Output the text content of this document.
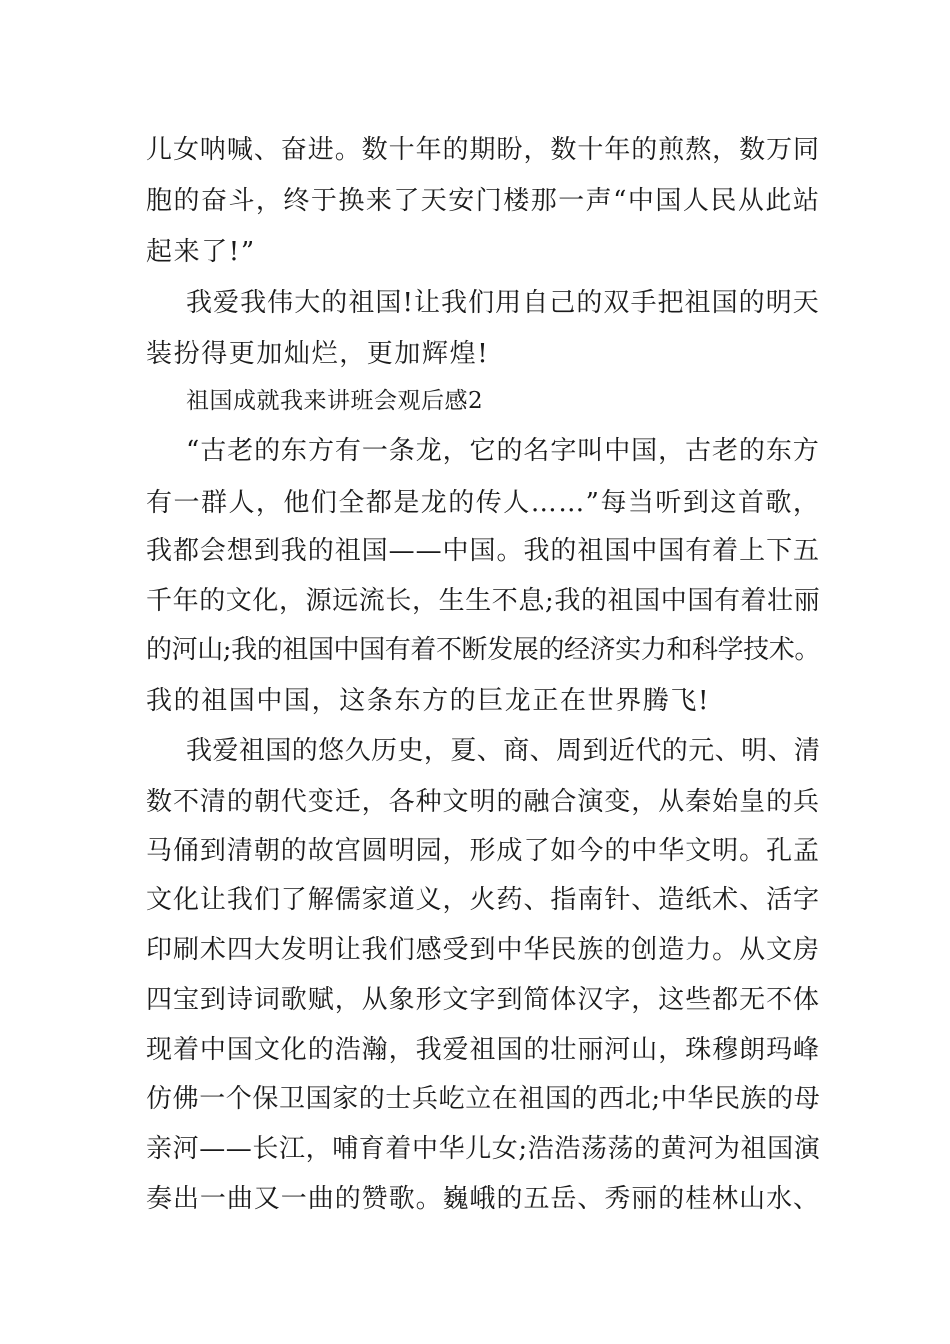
儿女呐喊、奋进。数十年的期盼，数十年的煎熬，数万同
胞的奋斗，终于换来了天安门楼那一声“中国人民从此站
起来了!”
我爱我伟大的祖国!让我们用自己的双手把祖国的明天
装扮得更加灿烂，更加辉煌!
祖国成就我来讲班会观后感2
“古老的东方有一条龙，它的名字叫中国，古老的东方
有一群人，他们全都是龙的传人……”每当听到这首歌，
我都会想到我的祖国——中国。我的祖国中国有着上下五
千年的文化，源远流长，生生不息;我的祖国中国有着壮丽
的河山;我的祖国中国有着不断发展的经济实力和科学技术。
我的祖国中国，这条东方的巨龙正在世界腾飞!
我爱祖国的悠久历史，夏、商、周到近代的元、明、清
数不清的朝代变迁，各种文明的融合演变，从秦始皇的兵
马俑到清朝的故宫圆明园，形成了如今的中华文明。孔孟
文化让我们了解儒家道义，火药、指南针、造纸术、活字
印刷术四大发明让我们感受到中华民族的创造力。从文房
四宝到诗词歌赋，从象形文字到简体汉字，这些都无不体
现着中国文化的浩瀚，我爱祖国的壮丽河山，珠穆朗玛峰
仿佛一个保卫国家的士兵屹立在祖国的西北;中华民族的母
亲河——长江，哺育着中华儿女;浩浩荡荡的黄河为祖国演
奏出一曲又一曲的赞歌。巍峨的五岳、秀丽的桂林山水、
